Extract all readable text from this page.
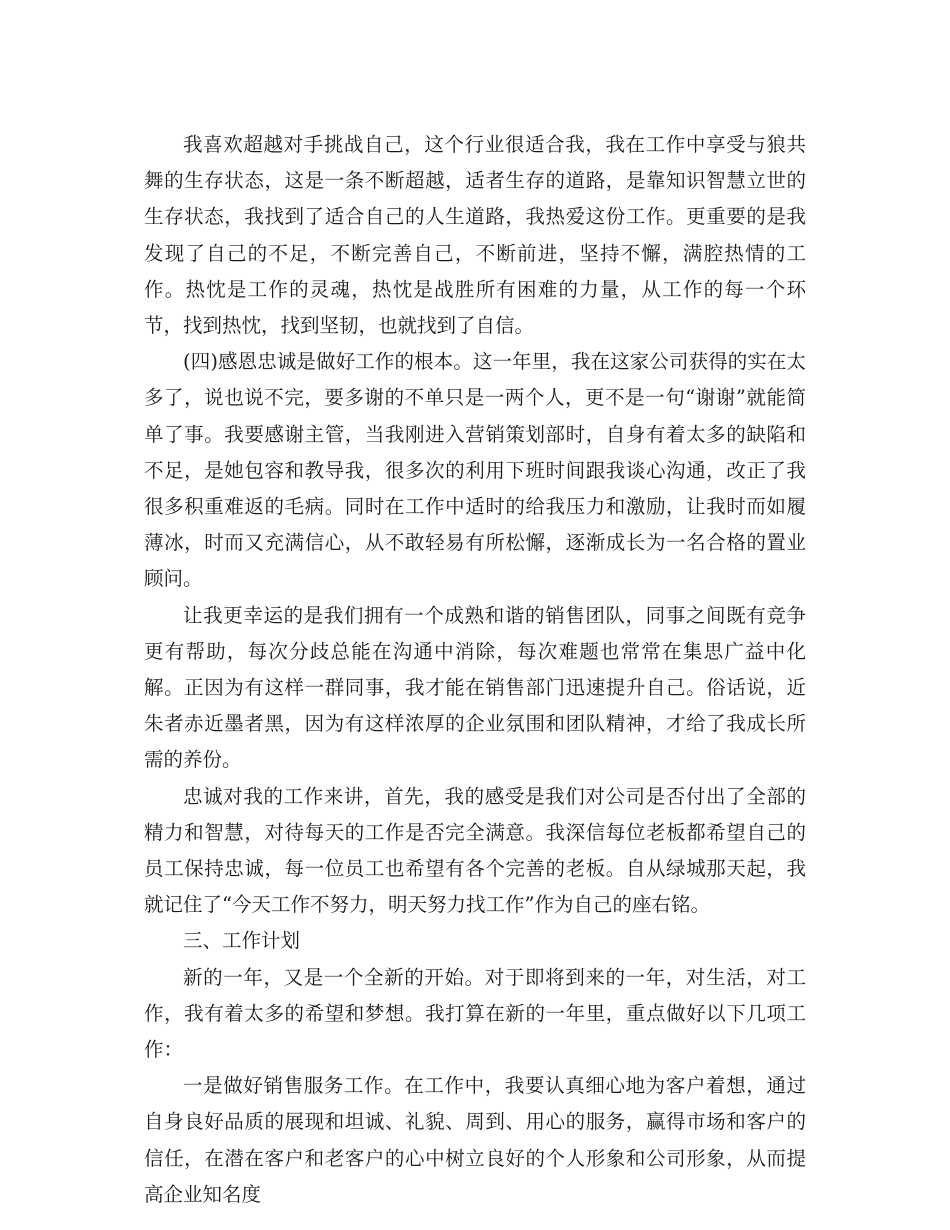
我喜欢超越对手挑战自己，这个行业很适合我，我在工作中享受与狼共舞的生存状态，这是一条不断超越，适者生存的道路，是靠知识智慧立世的生存状态，我找到了适合自己的人生道路，我热爱这份工作。更重要的是我发现了自己的不足，不断完善自己，不断前进，坚持不懈，满腔热情的工作。热忱是工作的灵魂，热忱是战胜所有困难的力量，从工作的每一个环节，找到热忱，找到坚韧，也就找到了自信。

(四)感恩忠诚是做好工作的根本。这一年里，我在这家公司获得的实在太多了，说也说不完，要多谢的不单只是一两个人，更不是一句“谢谢”就能简单了事。我要感谢主管，当我刚进入营销策划部时，自身有着太多的缺陷和不足，是她包容和教导我，很多次的利用下班时间跟我谈心沟通，改正了我很多积重难返的毛病。同时在工作中适时的给我压力和激励，让我时而如履薄冰，时而又充满信心，从不敢轻易有所松懈，逐渐成长为一名合格的置业顾问。

让我更幸运的是我们拥有一个成熟和谐的销售团队，同事之间既有竞争更有帮助，每次分歧总能在沟通中消除，每次难题也常常在集思广益中化解。正因为有这样一群同事，我才能在销售部门迅速提升自己。俗话说，近朱者赤近墨者黑，因为有这样浓厚的企业氛围和团队精神，才给了我成长所需的养份。

忠诚对我的工作来讲，首先，我的感受是我们对公司是否付出了全部的精力和智慧，对待每天的工作是否完全满意。我深信每位老板都希望自己的员工保持忠诚，每一位员工也希望有各个完善的老板。自从绿城那天起，我就记住了“今天工作不努力，明天努力找工作”作为自己的座右铭。

三、工作计划

新的一年，又是一个全新的开始。对于即将到来的一年，对生活，对工作，我有着太多的希望和梦想。我打算在新的一年里，重点做好以下几项工作：

一是做好销售服务工作。在工作中，我要认真细心地为客户着想，通过自身良好品质的展现和坦诚、礼貌、周到、用心的服务，赢得市场和客户的信任，在潜在客户和老客户的心中树立良好的个人形象和公司形象，从而提高企业知名度
